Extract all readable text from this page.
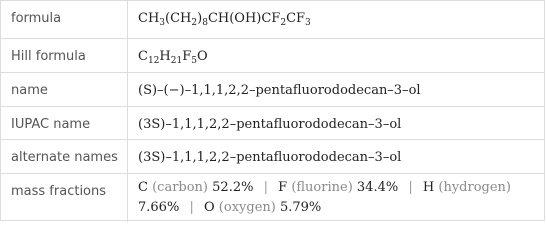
formula	$CH_3(CH_2)_8CH(OH)CF_2CF_3$
Hill formula	$C_{12}H_{21}F_5O$
name	(S)–(−)–1,1,1,2,2–pentafluorododecan–3–ol
IUPAC name	(3S)–1,1,1,2,2–pentafluorododecan–3–ol
alternate names	(3S)–1,1,1,2,2–pentafluorododecan–3–ol
mass fractions	C (carbon) 52.2% | F (fluorine) 34.4% | H (hydrogen)
7.66% | O (oxygen) 5.79%
